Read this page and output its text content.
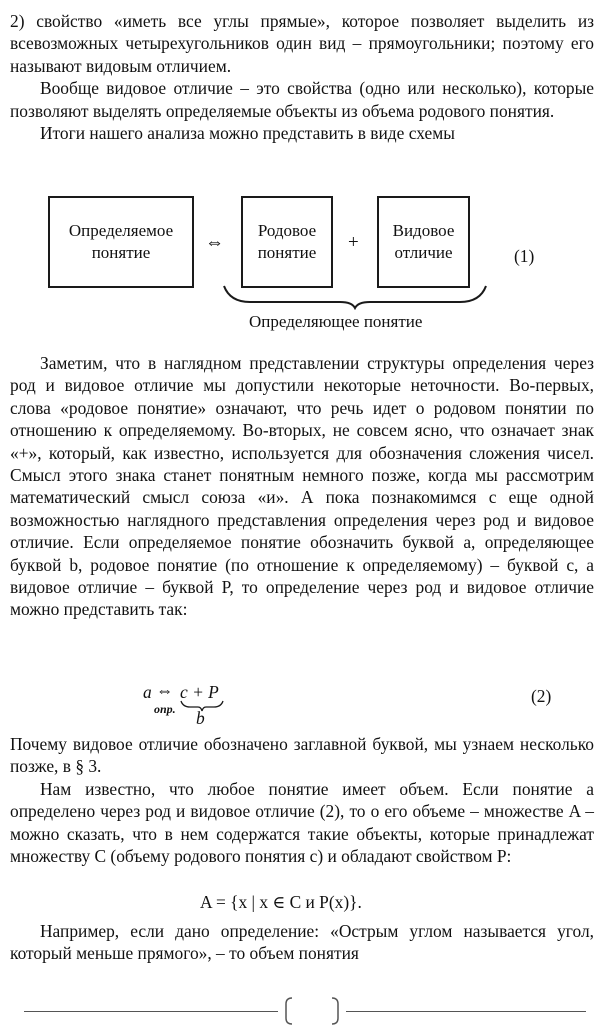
2) свойство «иметь все углы прямые», которое позволяет выделить из всевозможных четырехугольников один вид – прямоугольники; поэтому его называют видовым отличием.

Вообще видовое отличие – это свойства (одно или несколько), которые позволяют выделять определяемые объекты из объема родового понятия.

Итоги нашего анализа можно представить в виде схемы

Определяемое понятие	⇔
Родовое понятие	+
Видовое отличие	(1)
Определяющее понятие

Заметим, что в наглядном представлении структуры определения через род и видовое отличие мы допустили некоторые неточности. Во-первых, слова «родовое понятие» означают, что речь идет о родовом понятии по отношению к определяемому. Во-вторых, не совсем ясно, что означает знак «+», который, как известно, используется для обозначения сложения чисел. Смысл этого знака станет понятным немного позже, когда мы рассмотрим математический смысл союза «и». А пока познакомимся с еще одной возможностью наглядного представления определения через род и видовое отличие. Если определяемое понятие обозначить буквой a, определяющее буквой b, родовое понятие (по отношение к определяемому) – буквой c, а видовое отличие – буквой P, то определение через род и видовое отличие можно представить так:

a ⇔
опр.
c + P
b
(2)

Почему видовое отличие обозначено заглавной буквой, мы узнаем несколько позже, в § 3.

Нам известно, что любое понятие имеет объем. Если понятие a определено через род и видовое отличие (2), то о его объеме – множестве A – можно сказать, что в нем содержатся такие объекты, которые принадлежат множеству C (объему родового понятия c) и обладают свойством P:

A = {x | x ∈ C и P(x)}.

Например, если дано определение: «Острым углом называется угол, который меньше прямого», – то объем понятия
